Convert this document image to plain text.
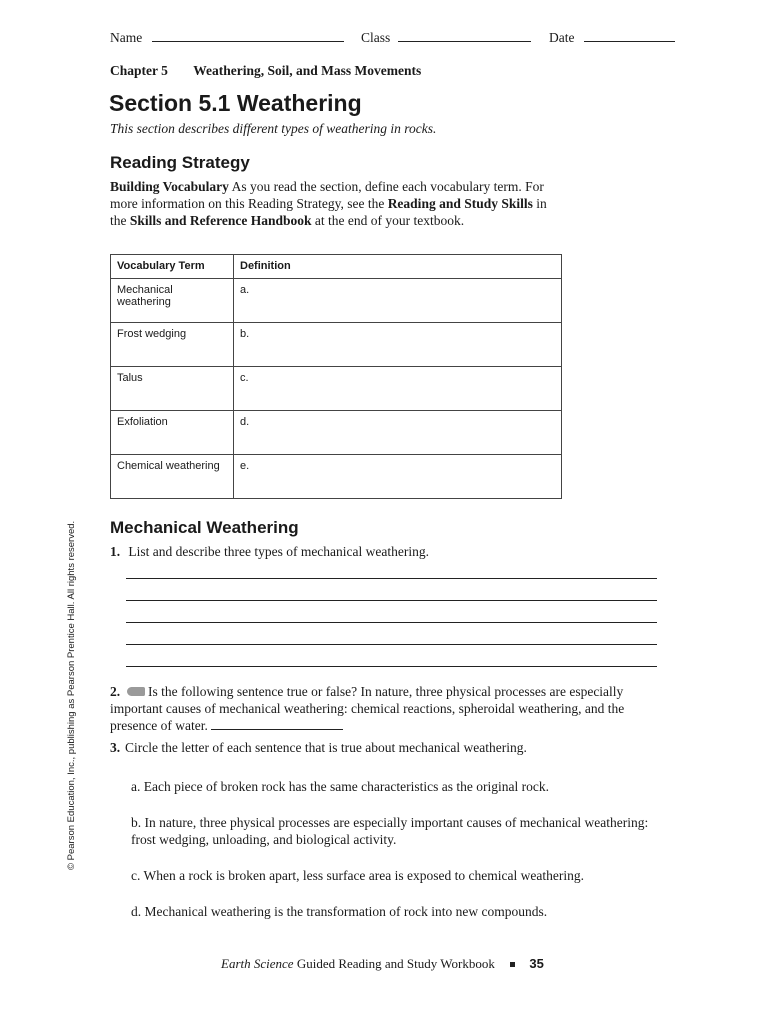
Name	Class	Date
Chapter 5 Weathering, Soil, and Mass Movements
Section 5.1 Weathering
This section describes different types of weathering in rocks.
Reading Strategy
Building Vocabulary As you read the section, define each vocabulary term. For more information on this Reading Strategy, see the Reading and Study Skills in the Skills and Reference Handbook at the end of your textbook.
Vocabulary Term	Definition
Mechanical weathering	a.
Frost wedging	b.
Talus	c.
Exfoliation	d.
Chemical weathering	e.
Mechanical Weathering
1. List and describe three types of mechanical weathering.
2. Is the following sentence true or false? In nature, three physical processes are especially important causes of mechanical weathering: chemical reactions, spheroidal weathering, and the presence of water.
3. Circle the letter of each sentence that is true about mechanical weathering.
a. Each piece of broken rock has the same characteristics as the original rock.
b. In nature, three physical processes are especially important causes of mechanical weathering: frost wedging, unloading, and biological activity.
c. When a rock is broken apart, less surface area is exposed to chemical weathering.
d. Mechanical weathering is the transformation of rock into new compounds.
© Pearson Education, Inc., publishing as Pearson Prentice Hall. All rights reserved.
Earth Science Guided Reading and Study Workbook	35
